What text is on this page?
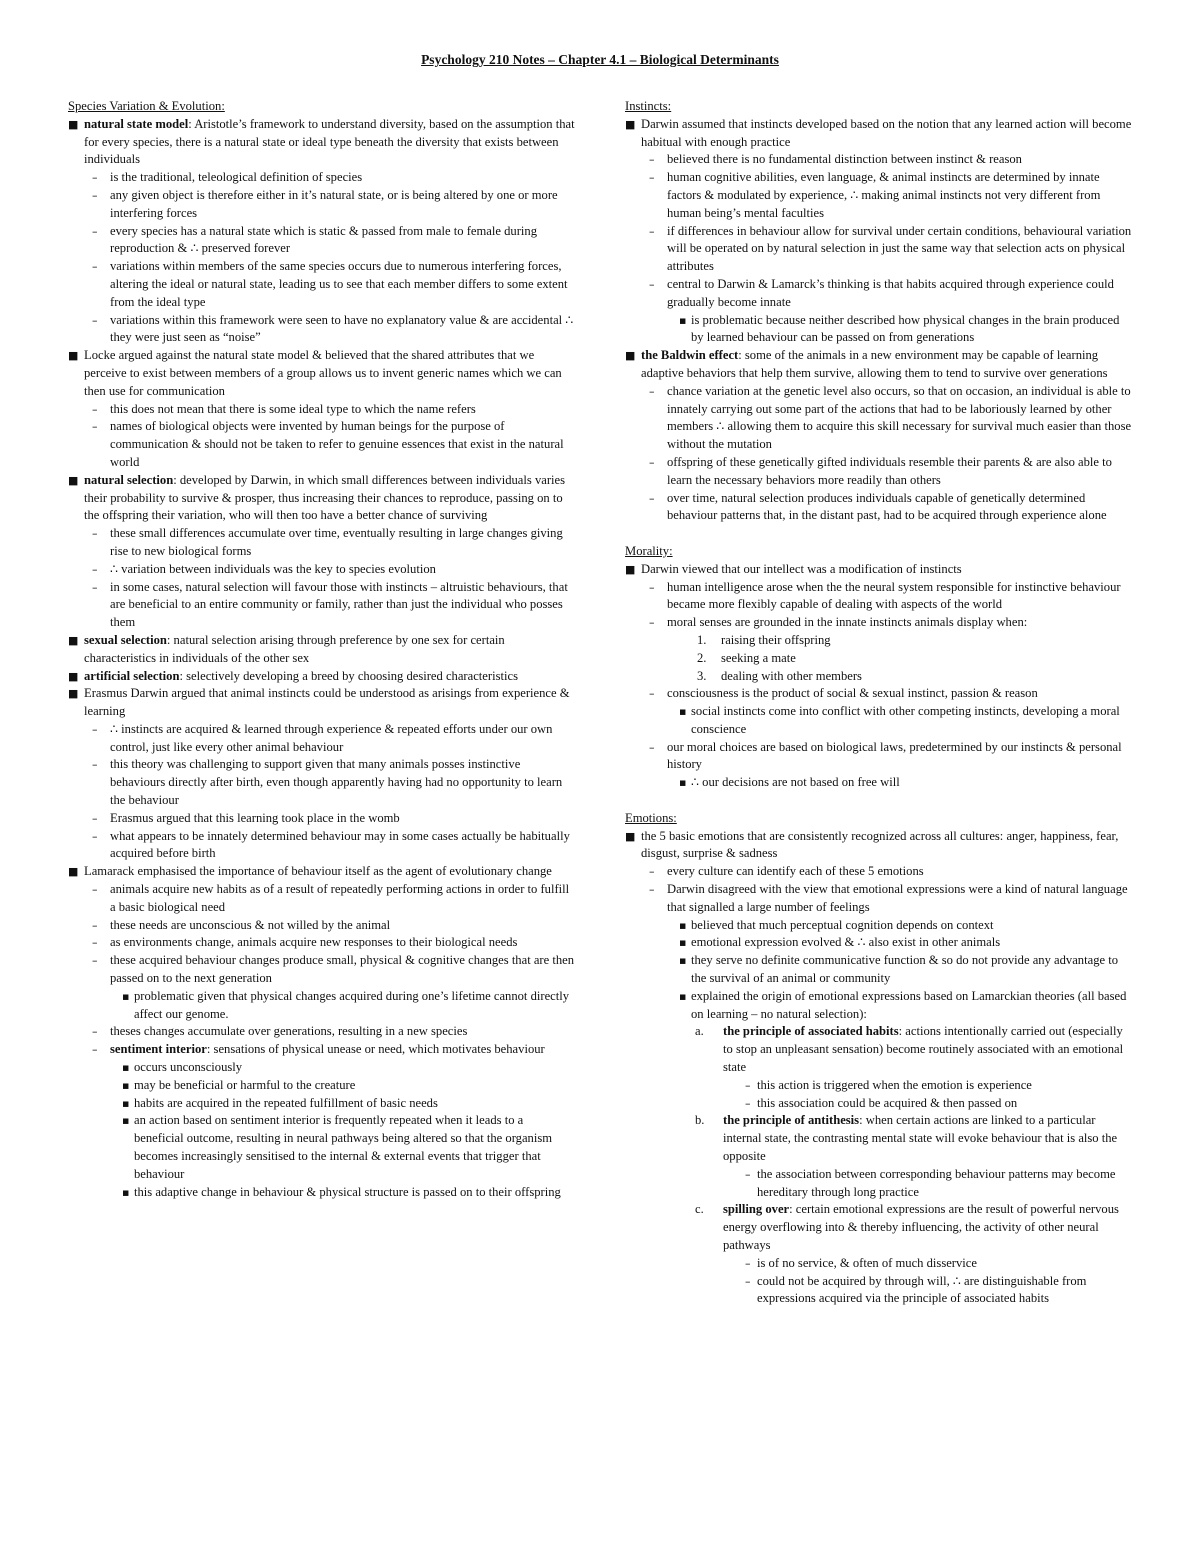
Psychology 210 Notes – Chapter 4.1 – Biological Determinants

Species Variation & Evolution:

■ natural state model: Aristotle’s framework to understand diversity, based on the assumption that for every species, there is a natural state or ideal type beneath the diversity that exists between individuals
– is the traditional, teleological definition of species
– any given object is therefore either in it’s natural state, or is being altered by one or more interfering forces
– every species has a natural state which is static & passed from male to female during reproduction & ∴ preserved forever
– variations within members of the same species occurs due to numerous interfering forces, altering the ideal or natural state, leading us to see that each member differs to some extent from the ideal type
– variations within this framework were seen to have no explanatory value & are accidental ∴ they were just seen as “noise”
■ Locke argued against the natural state model & believed that the shared attributes that we perceive to exist between members of a group allows us to invent generic names which we can then use for communication
– this does not mean that there is some ideal type to which the name refers
– names of biological objects were invented by human beings for the purpose of communication & should not be taken to refer to genuine essences that exist in the natural world
■ natural selection: developed by Darwin, in which small differences between individuals varies their probability to survive & prosper, thus increasing their chances to reproduce, passing on to the offspring their variation, who will then too have a better chance of surviving
– these small differences accumulate over time, eventually resulting in large changes giving rise to new biological forms
– ∴ variation between individuals was the key to species evolution
– in some cases, natural selection will favour those with instincts – altruistic behaviours, that are beneficial to an entire community or family, rather than just the individual who posses them
■ sexual selection: natural selection arising through preference by one sex for certain characteristics in individuals of the other sex
■ artificial selection: selectively developing a breed by choosing desired characteristics
■ Erasmus Darwin argued that animal instincts could be understood as arisings from experience & learning
– ∴ instincts are acquired & learned through experience & repeated efforts under our own control, just like every other animal behaviour
– this theory was challenging to support given that many animals posses instinctive behaviours directly after birth, even though apparently having had no opportunity to learn the behaviour
– Erasmus argued that this learning took place in the womb
– what appears to be innately determined behaviour may in some cases actually be habitually acquired before birth
■ Lamarack emphasised the importance of behaviour itself as the agent of evolutionary change
– animals acquire new habits as of a result of repeatedly performing actions in order to fulfill a basic biological need
– these needs are unconscious & not willed by the animal
– as environments change, animals acquire new responses to their biological needs
– these acquired behaviour changes produce small, physical & cognitive changes that are then passed on to the next generation
▪ problematic given that physical changes acquired during one’s lifetime cannot directly affect our genome.
– theses changes accumulate over generations, resulting in a new species
– sentiment interior: sensations of physical unease or need, which motivates behaviour
▪ occurs unconsciously
▪ may be beneficial or harmful to the creature
▪ habits are acquired in the repeated fulfillment of basic needs
▪ an action based on sentiment interior is frequently repeated when it leads to a beneficial outcome, resulting in neural pathways being altered so that the organism becomes increasingly sensitised to the internal & external events that trigger that behaviour
▪ this adaptive change in behaviour & physical structure is passed on to their offspring

Instincts:

■ Darwin assumed that instincts developed based on the notion that any learned action will become habitual with enough practice
– believed there is no fundamental distinction between instinct & reason
– human cognitive abilities, even language, & animal instincts are determined by innate factors & modulated by experience, ∴ making animal instincts not very different from human being’s mental faculties
– if differences in behaviour allow for survival under certain conditions, behavioural variation will be operated on by natural selection in just the same way that selection acts on physical attributes
– central to Darwin & Lamarck’s thinking is that habits acquired through experience could gradually become innate
▪ is problematic because neither described how physical changes in the brain produced by learned behaviour can be passed on from generations
■ the Baldwin effect: some of the animals in a new environment may be capable of learning adaptive behaviors that help them survive, allowing them to tend to survive over generations
– chance variation at the genetic level also occurs, so that on occasion, an individual is able to innately carrying out some part of the actions that had to be laboriously learned by other members ∴ allowing them to acquire this skill necessary for survival much easier than those without the mutation
– offspring of these genetically gifted individuals resemble their parents & are also able to learn the necessary behaviors more readily than others
– over time, natural selection produces individuals capable of genetically determined behaviour patterns that, in the distant past, had to be acquired through experience alone

Morality:

■ Darwin viewed that our intellect was a modification of instincts
– human intelligence arose when the the neural system responsible for instinctive behaviour became more flexibly capable of dealing with aspects of the world
– moral senses are grounded in the innate instincts animals display when:
1. raising their offspring
2. seeking a mate
3. dealing with other members
– consciousness is the product of social & sexual instinct, passion & reason
▪ social instincts come into conflict with other competing instincts, developing a moral conscience
– our moral choices are based on biological laws, predetermined by our instincts & personal history
▪ ∴ our decisions are not based on free will

Emotions:

■ the 5 basic emotions that are consistently recognized across all cultures: anger, happiness, fear, disgust, surprise & sadness
– every culture can identify each of these 5 emotions
– Darwin disagreed with the view that emotional expressions were a kind of natural language that signalled a large number of feelings
▪ believed that much perceptual cognition depends on context
▪ emotional expression evolved & ∴ also exist in other animals
▪ they serve no definite communicative function & so do not provide any advantage to the survival of an animal or community
▪ explained the origin of emotional expressions based on Lamarckian theories (all based on learning – no natural selection):
a. the principle of associated habits: actions intentionally carried out (especially to stop an unpleasant sensation) become routinely associated with an emotional state
– this action is triggered when the emotion is experience
– this association could be acquired & then passed on
b. the principle of antithesis: when certain actions are linked to a particular internal state, the contrasting mental state will evoke behaviour that is also the opposite
– the association between corresponding behaviour patterns may become hereditary through long practice
c. spilling over: certain emotional expressions are the result of powerful nervous energy overflowing into & thereby influencing, the activity of other neural pathways
– is of no service, & often of much disservice
– could not be acquired by through will, ∴ are distinguishable from expressions acquired via the principle of associated habits
